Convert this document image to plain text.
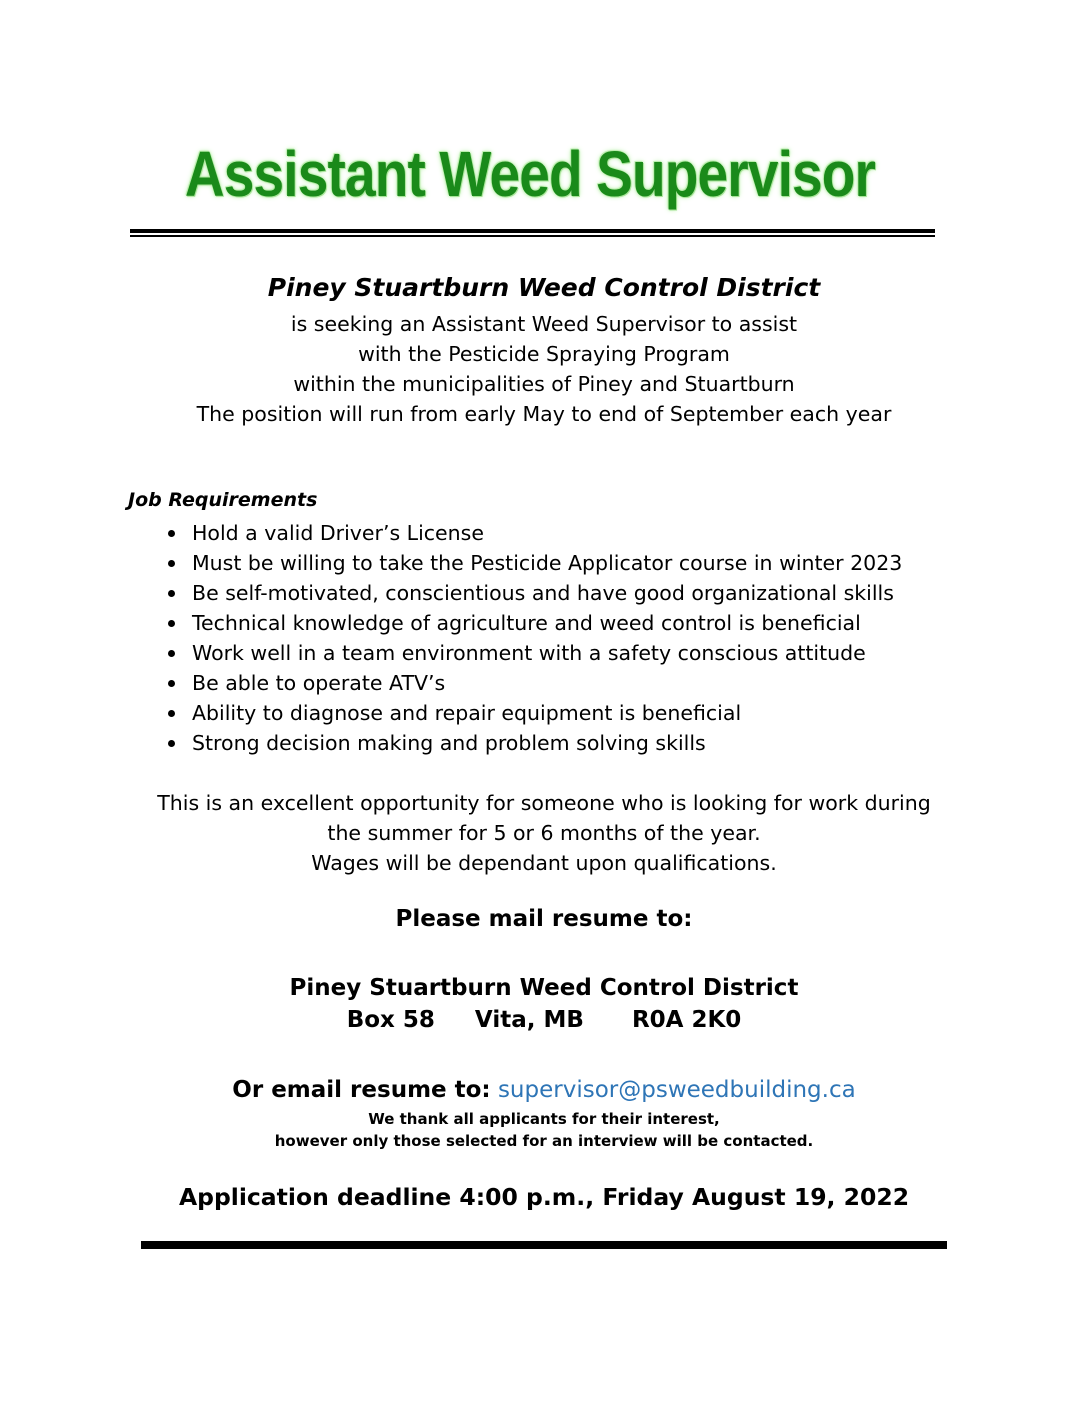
Assistant Weed Supervisor
Piney Stuartburn Weed Control District
is seeking an Assistant Weed Supervisor to assist
with the Pesticide Spraying Program
within the municipalities of Piney and Stuartburn
The position will run from early May to end of September each year
Job Requirements
Hold a valid Driver’s License
Must be willing to take the Pesticide Applicator course in winter 2023
Be self-motivated, conscientious and have good organizational skills
Technical knowledge of agriculture and weed control is beneficial
Work well in a team environment with a safety conscious attitude
Be able to operate ATV’s
Ability to diagnose and repair equipment is beneficial
Strong decision making and problem solving skills
This is an excellent opportunity for someone who is looking for work during
the summer for 5 or 6 months of the year.
Wages will be dependant upon qualifications.
Please mail resume to:
Piney Stuartburn Weed Control District
Box 58 Vita, MB R0A 2K0
Or email resume to: supervisor@psweedbuilding.ca
We thank all applicants for their interest,
however only those selected for an interview will be contacted.
Application deadline 4:00 p.m., Friday August 19, 2022
